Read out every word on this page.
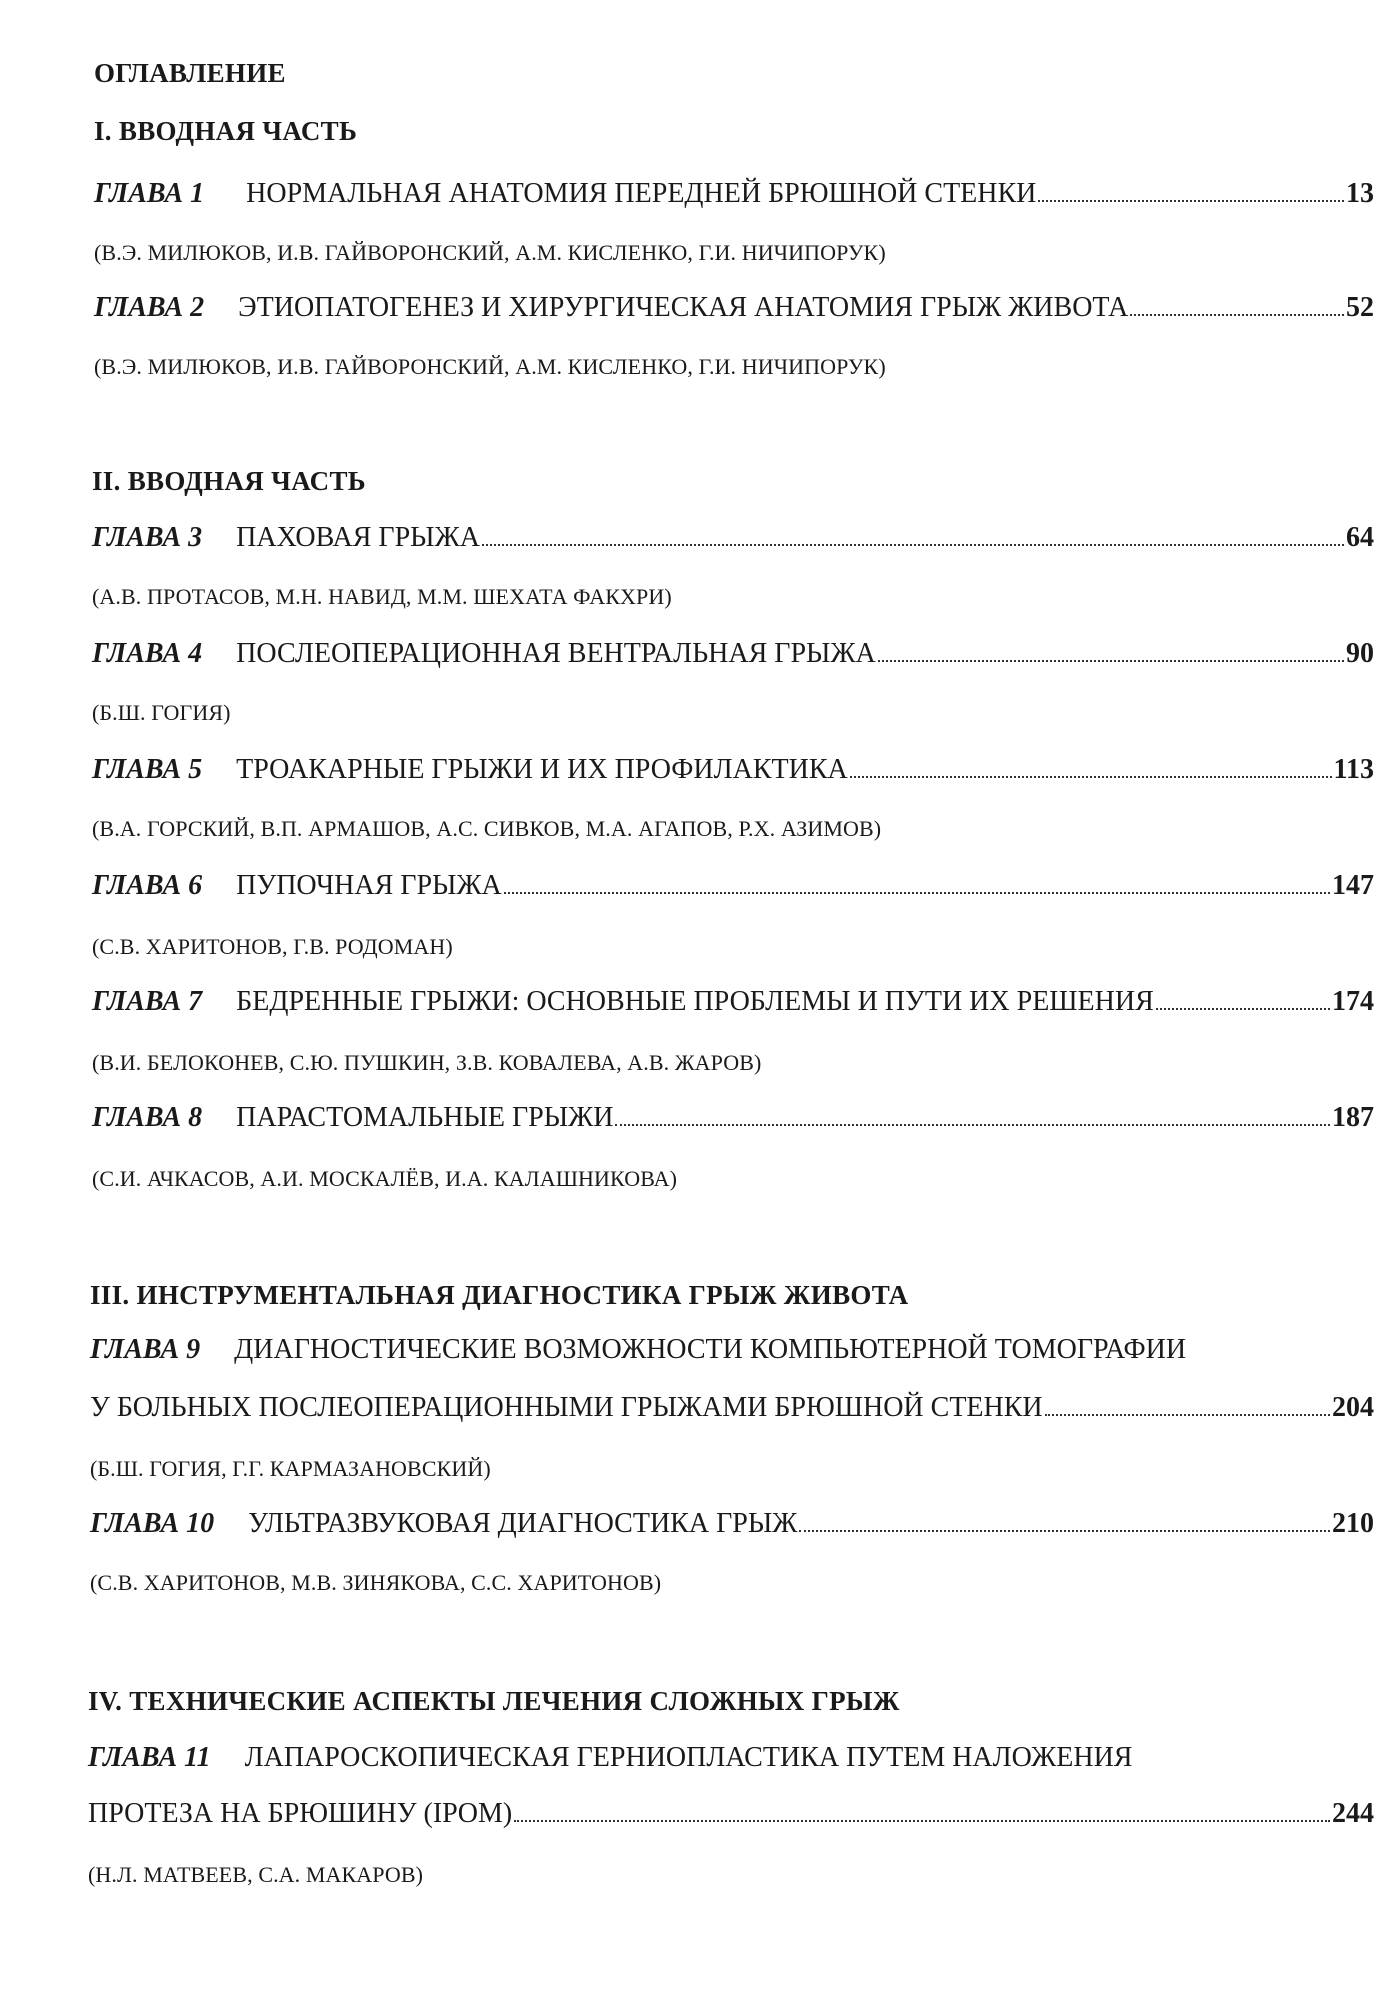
ОГЛАВЛЕНИЕ
I. ВВОДНАЯ ЧАСТЬ
ГЛАВА 1 НОРМАЛЬНАЯ АНАТОМИЯ ПЕРЕДНЕЙ БРЮШНОЙ СТЕНКИ	13
(В.Э. МИЛЮКОВ, И.В. ГАЙВОРОНСКИЙ, А.М. КИСЛЕНКО, Г.И. НИЧИПОРУК)
ГЛАВА 2 ЭТИОПАТОГЕНЕЗ И ХИРУРГИЧЕСКАЯ АНАТОМИЯ ГРЫЖ ЖИВОТА	52
(В.Э. МИЛЮКОВ, И.В. ГАЙВОРОНСКИЙ, А.М. КИСЛЕНКО, Г.И. НИЧИПОРУК)
II. ВВОДНАЯ ЧАСТЬ
ГЛАВА 3 ПАХОВАЯ ГРЫЖА	64
(А.В. ПРОТАСОВ, М.Н. НАВИД, М.М. ШЕХАТА ФАКХРИ)
ГЛАВА 4 ПОСЛЕОПЕРАЦИОННАЯ ВЕНТРАЛЬНАЯ ГРЫЖА	90
(Б.Ш. ГОГИЯ)
ГЛАВА 5 ТРОАКАРНЫЕ ГРЫЖИ И ИХ ПРОФИЛАКТИКА	113
(В.А. ГОРСКИЙ, В.П. АРМАШОВ, А.С. СИВКОВ, М.А. АГАПОВ, Р.Х. АЗИМОВ)
ГЛАВА 6 ПУПОЧНАЯ ГРЫЖА	147
(С.В. ХАРИТОНОВ, Г.В. РОДОМАН)
ГЛАВА 7 БЕДРЕННЫЕ ГРЫЖИ: ОСНОВНЫЕ ПРОБЛЕМЫ И ПУТИ ИХ РЕШЕНИЯ	174
(В.И. БЕЛОКОНЕВ, С.Ю. ПУШКИН, З.В. КОВАЛЕВА, А.В. ЖАРОВ)
ГЛАВА 8 ПАРАСТОМАЛЬНЫЕ ГРЫЖИ	187
(С.И. АЧКАСОВ, А.И. МОСКАЛЁВ, И.А. КАЛАШНИКОВА)
III. ИНСТРУМЕНТАЛЬНАЯ ДИАГНОСТИКА ГРЫЖ ЖИВОТА
ГЛАВА 9 ДИАГНОСТИЧЕСКИЕ ВОЗМОЖНОСТИ КОМПЬЮТЕРНОЙ ТОМОГРАФИИ
У БОЛЬНЫХ ПОСЛЕОПЕРАЦИОННЫМИ ГРЫЖАМИ БРЮШНОЙ СТЕНКИ	204
(Б.Ш. ГОГИЯ, Г.Г. КАРМАЗАНОВСКИЙ)
ГЛАВА 10 УЛЬТРАЗВУКОВАЯ ДИАГНОСТИКА ГРЫЖ	210
(С.В. ХАРИТОНОВ, М.В. ЗИНЯКОВА, С.С. ХАРИТОНОВ)
IV. ТЕХНИЧЕСКИЕ АСПЕКТЫ ЛЕЧЕНИЯ СЛОЖНЫХ ГРЫЖ
ГЛАВА 11 ЛАПАРОСКОПИЧЕСКАЯ ГЕРНИОПЛАСТИКА ПУТЕМ НАЛОЖЕНИЯ
ПРОТЕЗА НА БРЮШИНУ (IPOM)	244
(Н.Л. МАТВЕЕВ, С.А. МАКАРОВ)
